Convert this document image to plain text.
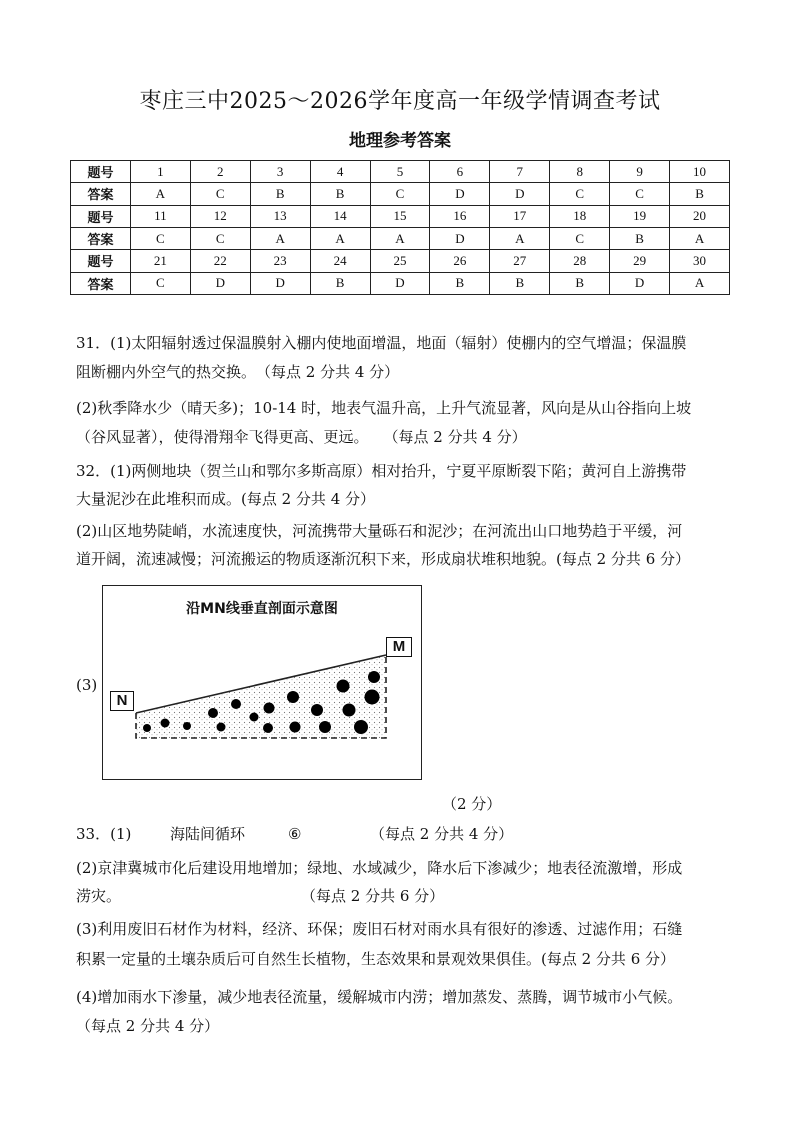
枣庄三中2025～2026学年度高一年级学情调查考试
地理参考答案
题号	1	2	3	4	5	6	7	8	9	10
答案	A	C	B	B	C	D	D	C	C	B
题号	11	12	13	14	15	16	17	18	19	20
答案	C	C	A	A	A	D	A	C	B	A
题号	21	22	23	24	25	26	27	28	29	30
答案	C	D	D	B	D	B	B	B	D	A
31．(1)太阳辐射透过保温膜射入棚内使地面增温，地面（辐射）使棚内的空气增温；保温膜
阻断棚内外空气的热交换。　（每点 2 分共 4 分）
(2)秋季降水少（晴天多)；10-14 时，地表气温升高，上升气流显著，风向是从山谷指向上坡
（谷风显著），使得滑翔伞飞得更高、更远。　　（每点 2 分共 4 分）
32．(1)两侧地块（贺兰山和鄂尔多斯高原）相对抬升，宁夏平原断裂下陷；黄河自上游携带
大量泥沙在此堆积而成。(每点 2 分共 4 分）
(2)山区地势陡峭，水流速度快，河流携带大量砾石和泥沙；在河流出山口地势趋于平缓，河
道开阔，流速减慢；河流搬运的物质逐渐沉积下来，形成扇状堆积地貌。(每点 2 分共 6 分）
(3)
沿MN线垂直剖面示意图
N
M
（2 分）
33．(1)	海陆间循环	⑥	（每点 2 分共 4 分）
(2)京津冀城市化后建设用地增加；绿地、水域减少，降水后下渗减少；地表径流激增，形成
涝灾。　　　　　　　　　　　　　（每点 2 分共 6 分）
(3)利用废旧石材作为材料，经济、环保；废旧石材对雨水具有很好的渗透、过滤作用；石缝
积累一定量的土壤杂质后可自然生长植物，生态效果和景观效果俱佳。(每点 2 分共 6 分）
(4)增加雨水下渗量，减少地表径流量，缓解城市内涝；增加蒸发、蒸腾，调节城市小气候。
（每点 2 分共 4 分）
